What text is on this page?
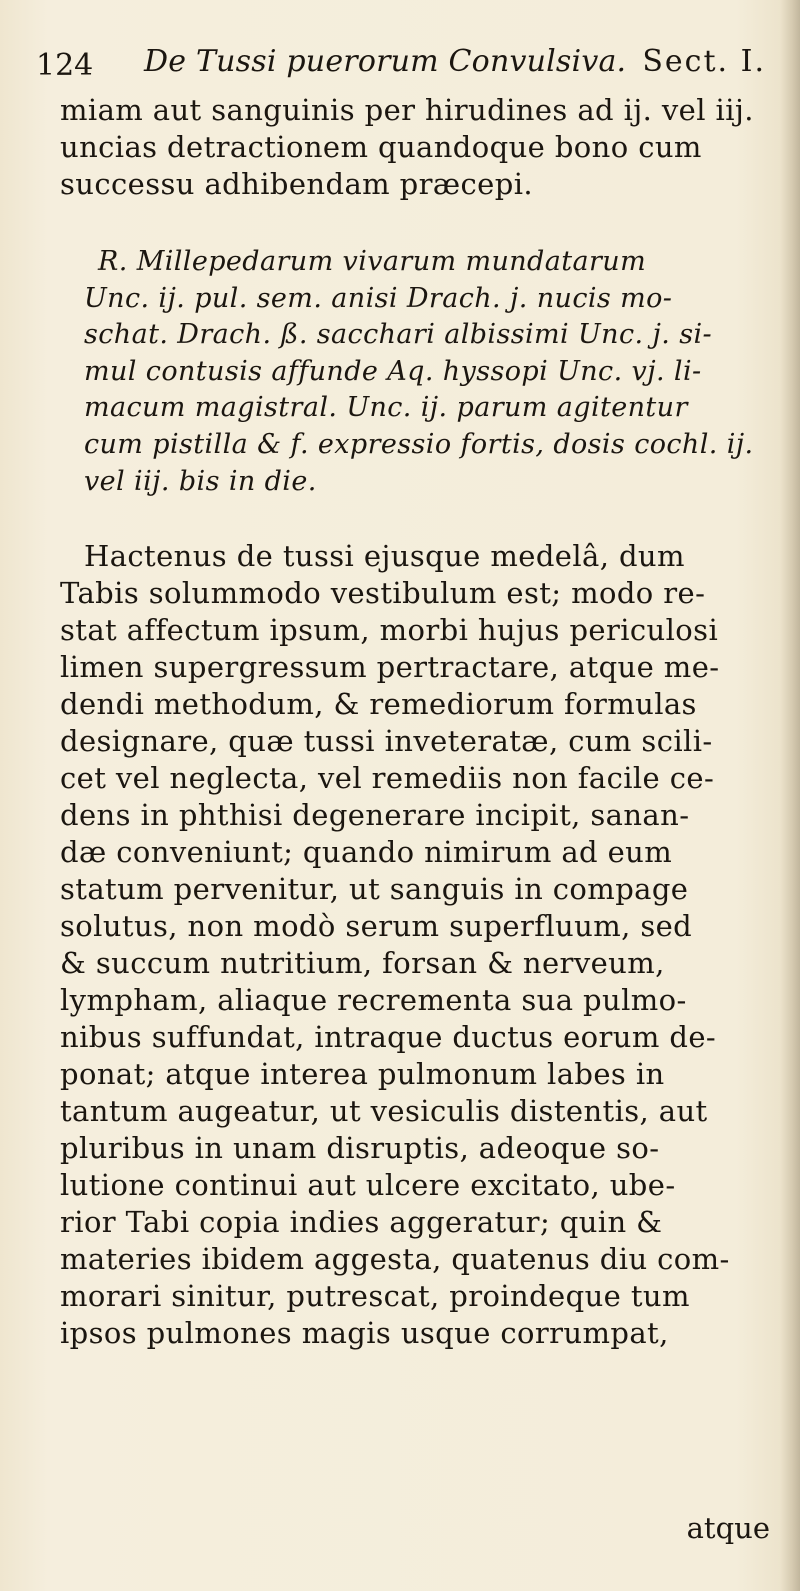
124 De Tussi puerorum Convulsiva. Sect. I.
miam aut sanguinis per hirudines ad ij. vel iij.
uncias detractionem quandoque bono cum
successu adhibendam præcepi.
R. Millepedarum vivarum mundatarum
Unc. ij. pul. sem. anisi Drach. j. nucis mo-
schat. Drach. ß. sacchari albissimi Unc. j. si-
mul contusis affunde Aq. hyssopi Unc. vj. li-
macum magistral. Unc. ij. parum agitentur
cum pistilla & f. expressio fortis, dosis cochl. ij.
vel iij. bis in die.
Hactenus de tussi ejusque medelâ, dum
Tabis solummodo vestibulum est; modo re-
stat affectum ipsum, morbi hujus periculosi
limen supergressum pertractare, atque me-
dendi methodum, & remediorum formulas
designare, quæ tussi inveteratæ, cum scili-
cet vel neglecta, vel remediis non facile ce-
dens in phthisi degenerare incipit, sanan-
dæ conveniunt; quando nimirum ad eum
statum pervenitur, ut sanguis in compage
solutus, non modò serum superfluum, sed
& succum nutritium, forsan & nerveum,
lympham, aliaque recrementa sua pulmo-
nibus suffundat, intraque ductus eorum de-
ponat; atque interea pulmonum labes in
tantum augeatur, ut vesiculis distentis, aut
pluribus in unam disruptis, adeoque so-
lutione continui aut ulcere excitato, ube-
rior Tabi copia indies aggeratur; quin &
materies ibidem aggesta, quatenus diu com-
morari sinitur, putrescat, proindeque tum
ipsos pulmones magis usque corrumpat,
atque
